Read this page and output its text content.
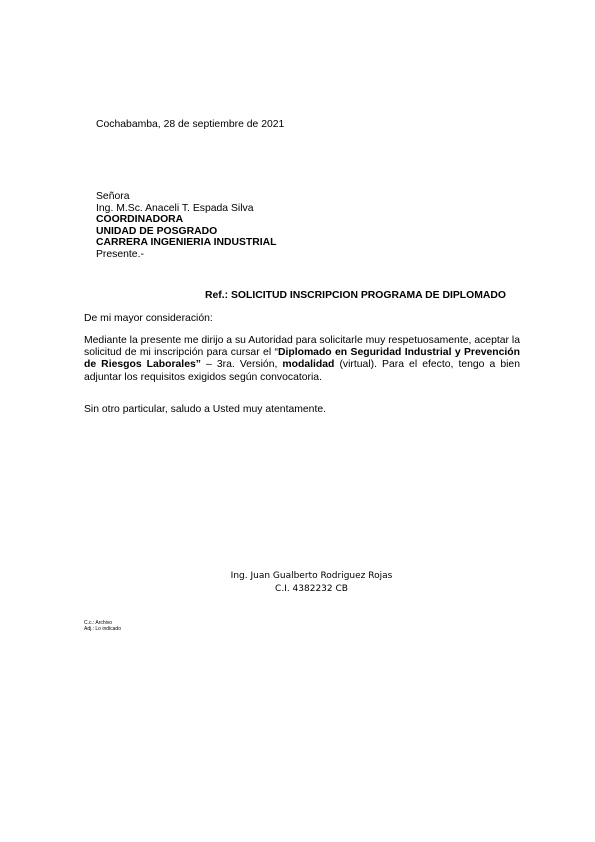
Cochabamba, 28 de septiembre de 2021
Señora
Ing. M.Sc. Anaceli T. Espada Silva
COORDINADORA
UNIDAD DE POSGRADO
CARRERA INGENIERIA INDUSTRIAL
Presente.-
Ref.: SOLICITUD INSCRIPCION PROGRAMA DE DIPLOMADO
De mi mayor consideración:
Mediante la presente me dirijo a su Autoridad para solicitarle muy respetuosamente, aceptar la solicitud de mi inscripción para cursar el “Diplomado en Seguridad Industrial y Prevención de Riesgos Laborales” – 3ra. Versión, modalidad (virtual). Para el efecto, tengo a bien adjuntar los requisitos exigidos según convocatoria.
Sin otro particular, saludo a Usted muy atentamente.
Ing. Juan Gualberto Rodriguez Rojas
C.I. 4382232 CB
C.c.: Archivo
Adj.: Lo indicado
